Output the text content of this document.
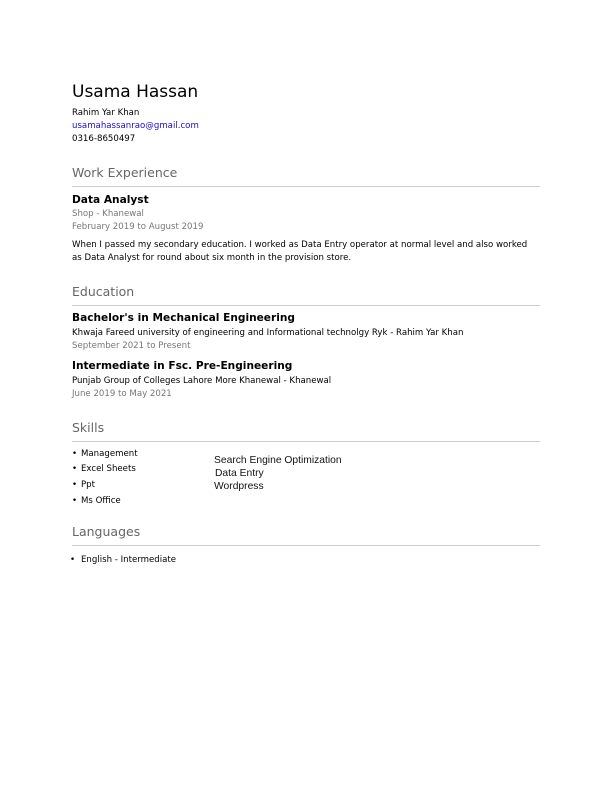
Usama Hassan
Rahim Yar Khan
usamahassanrao@gmail.com
0316-8650497
Work Experience
Data Analyst
Shop - Khanewal
February 2019 to August 2019
When I passed my secondary education. I worked as Data Entry operator at normal level and also worked
as Data Analyst for round about six month in the provision store.
Education
Bachelor's in Mechanical Engineering
Khwaja Fareed university of engineering and Informational technolgy Ryk - Rahim Yar Khan
September 2021 to Present
Intermediate in Fsc. Pre-Engineering
Punjab Group of Colleges Lahore More Khanewal - Khanewal
June 2019 to May 2021
Skills
• Management
• Excel Sheets
• Ppt
• Ms Office
Search Engine Optimization
Data Entry
Wordpress
Languages
• English - Intermediate
